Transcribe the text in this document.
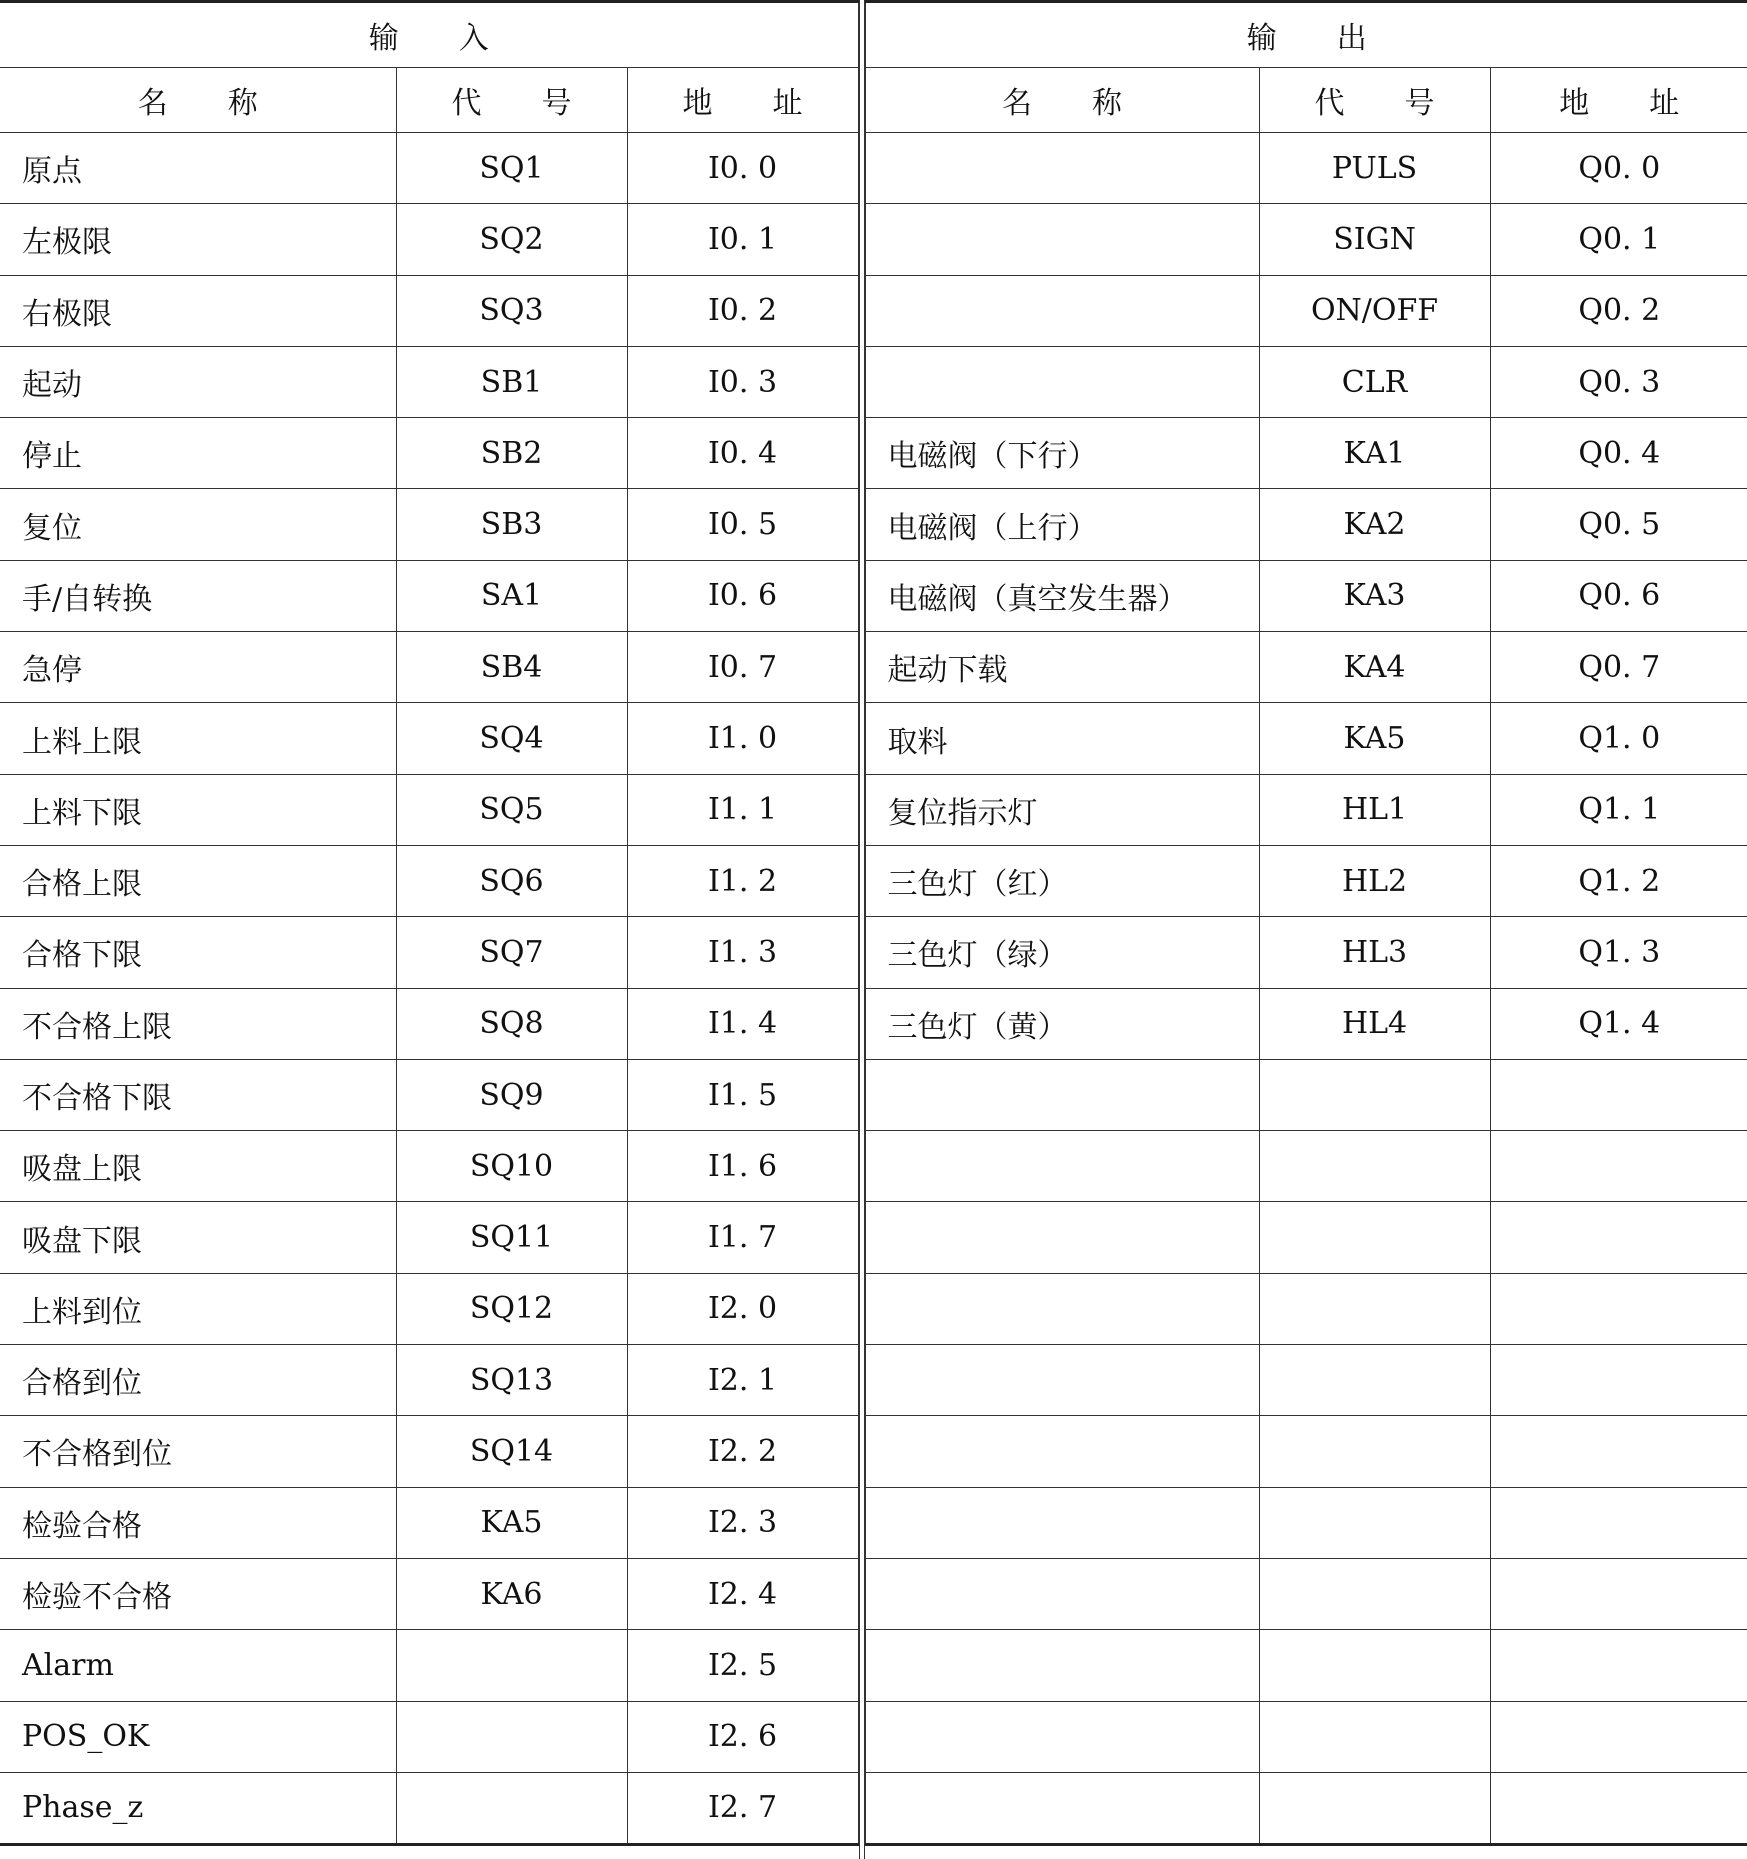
输　　入		
名　　称	代　　号	地　　址
原点	SQ1	I0. 0
左极限	SQ2	I0. 1
右极限	SQ3	I0. 2
起动	SB1	I0. 3
停止	SB2	I0. 4
复位	SB3	I0. 5
手/自转换	SA1	I0. 6
急停	SB4	I0. 7
上料上限	SQ4	I1. 0
上料下限	SQ5	I1. 1
合格上限	SQ6	I1. 2
合格下限	SQ7	I1. 3
不合格上限	SQ8	I1. 4
不合格下限	SQ9	I1. 5
吸盘上限	SQ10	I1. 6
吸盘下限	SQ11	I1. 7
上料到位	SQ12	I2. 0
合格到位	SQ13	I2. 1
不合格到位	SQ14	I2. 2
检验合格	KA5	I2. 3
检验不合格	KA6	I2. 4
Alarm		I2. 5
POS_OK		I2. 6
Phase_z		I2. 7
输　　出		
名　　称	代　　号	地　　址
	PULS	Q0. 0
	SIGN	Q0. 1
	ON/OFF	Q0. 2
	CLR	Q0. 3
电磁阀（下行）	KA1	Q0. 4
电磁阀（上行）	KA2	Q0. 5
电磁阀（真空发生器）	KA3	Q0. 6
起动下载	KA4	Q0. 7
取料	KA5	Q1. 0
复位指示灯	HL1	Q1. 1
三色灯（红）	HL2	Q1. 2
三色灯（绿）	HL3	Q1. 3
三色灯（黄）	HL4	Q1. 4
